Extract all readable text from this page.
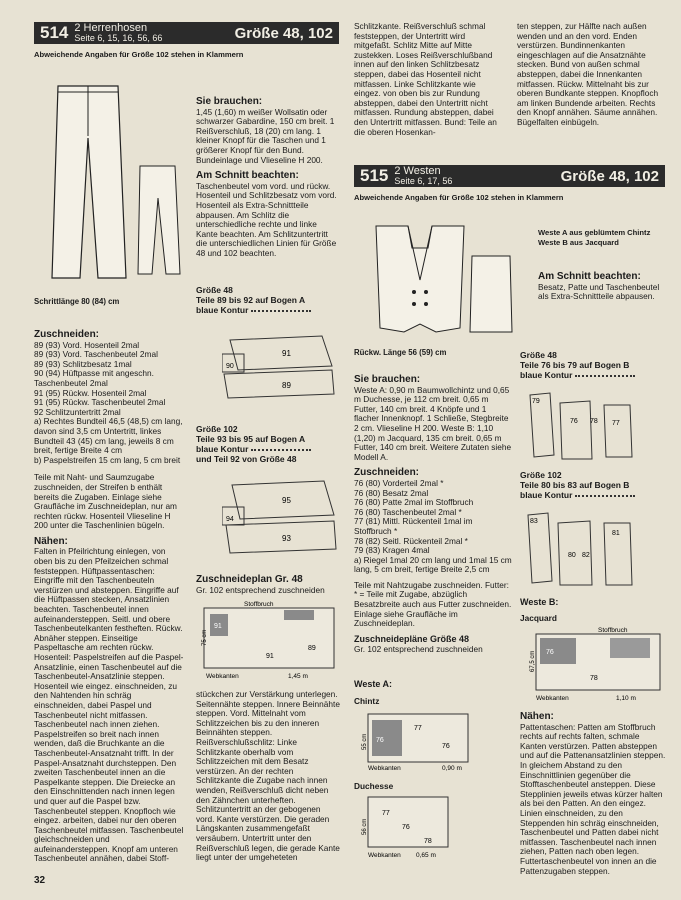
514 2 Herrenhosen
Seite 6, 15, 16, 56, 66	Größe 48, 102
Abweichende Angaben für Größe 102 stehen in Klammern
Schrittlänge 80 (84) cm
Sie brauchen:

1,45 (1,60) m weißer Wollsatin oder schwarzer Gabardine, 150 cm breit. 1 Reißverschluß, 18 (20) cm lang. 1 kleiner Knopf für die Taschen und 1 größerer Knopf für den Bund. Bundeinlage und Vlieseline H 200.

Am Schnitt beachten:

Taschenbeutel vom vord. und rückw. Hosenteil und Schlitzbesatz vom vord. Hosenteil als Extra-Schnittteile abpausen. Am Schlitz die unterschiedliche rechte und linke Kante beachten. Am Schlitzuntertritt die unterschiedlichen Linien für Größe 48 und 102 beachten.

Größe 48
Teile 89 bis 92 auf Bogen A
blaue Kontur
91
89
90
Größe 102
Teile 93 bis 95 auf Bogen A
blaue Kontur
und Teil 92 von Größe 48
95
93
94
Zuschneideplan Gr. 48
Gr. 102 entsprechend zuschneiden
91
91
89
Stoffbruch
Webkanten	1,45 m
75 cm
stückchen zur Verstärkung unterlegen. Seitennähte steppen. Innere Beinnähte steppen. Vord. Mittelnaht vom Schlitzzeichen bis zu den inneren Beinnähten steppen. Reißverschlußschlitz: Linke Schlitzkante oberhalb vom Schlitzzeichen mit dem Besatz verstürzen. An der rechten Schlitzkante die Zugabe nach innen wenden, Reißverschluß dicht neben den Zähnchen unterheften. Schlitzuntertritt an der gebogenen vord. Kante verstürzen. Die geraden Längskanten zusammengefaßt versäubern. Untertritt unter den Reißverschluß legen, die gerade Kante liegt unter der umgeheteten
Zuschneiden:
89 (93) Vord. Hosenteil 2mal
89 (93) Vord. Taschenbeutel 2mal
89 (93) Schlitzbesatz 1mal
90 (94) Hüftpasse mit angeschn. Taschenbeutel 2mal
91 (95) Rückw. Hosenteil 2mal
91 (95) Rückw. Taschenbeutel 2mal
92 Schlitzuntertritt 2mal
a) Rechtes Bundteil 46,5 (48,5) cm lang, davon sind 3,5 cm Untertritt, linkes Bundteil 43 (45) cm lang, jeweils 8 cm breit, fertige Breite 4 cm
b) Paspelstreifen 15 cm lang, 5 cm breit

Teile mit Naht- und Saumzugabe zuschneiden, der Streifen b enthält bereits die Zugaben. Einlage siehe Graufläche im Zuschneideplan, nur am rechten rückw. Hosenteil Vlieseline H 200 unter die Taschenlinien bügeln.

Nähen:

Falten in Pfeilrichtung einlegen, von oben bis zu den Pfeilzeichen schmal feststeppen. Hüftpassentaschen: Eingriffe mit den Taschenbeuteln verstürzen und absteppen. Eingriffe auf die Hüftpassen stecken, Ansatzlinien beachten. Taschenbeutel innen aufeinandersteppen. Seitl. und obere Taschenbeutelkanten festheften. Rückw. Abnäher steppen. Einseitige Paspeltasche am rechten rückw. Hosenteil: Paspelstreifen auf die Paspel-Ansatzlinie, einen Taschenbeutel auf die Taschenbeutel-Ansatzlinie steppen. Hosenteil wie eingez. einschneiden, zu den Nahtenden hin schräg einschneiden, dabei Paspel und Taschenbeutel nicht mitfassen. Taschenbeutel nach innen ziehen. Paspelstreifen so breit nach innen wenden, daß die Bruchkante an die Taschenbeutel-Ansatznaht trifft. In der Paspel-Ansatznaht durchsteppen. Den zweiten Taschenbeutel innen an die Paspelkante steppen. Die Dreiecke an den Einschnittenden nach innen legen und quer auf die Paspel bzw. Taschenbeutel steppen. Knopfloch wie eingez. arbeiten, dabei nur den oberen Taschenbeutel mitfassen. Taschenbeutel gleichschneiden und aufeinandersteppen. Knopf am unteren Taschenbeutel annähen, dabei Stoff-

Schlitzkante. Reißverschluß schmal feststeppen, der Untertritt wird mitgefaßt. Schlitz Mitte auf Mitte zustekken. Loses Reißverschlußband innen auf den linken Schlitzbesatz steppen, dabei das Hosenteil nicht mitfassen. Linke Schlitzkante wie eingez. von oben bis zur Rundung absteppen, dabei den Untertritt nicht mitfassen. Rundung absteppen, dabei den Untertritt mitfassen. Bund: Teile an die oberen Hosenkan-
ten steppen, zur Hälfte nach außen wenden und an den vord. Enden verstürzen. Bundinnenkanten eingeschlagen auf die Ansatznähte stecken. Bund von außen schmal absteppen, dabei die Innenkanten mitfassen. Rückw. Mittelnaht bis zur oberen Bundkante steppen. Knopfloch am linken Bundende arbeiten. Rechts den Knopf annähen. Säume annähen. Bügelfalten einbügeln.
515 2 Westen
Seite 6, 17, 56	Größe 48, 102
Abweichende Angaben für Größe 102 stehen in Klammern
Rückw. Länge 56 (59) cm
Weste A aus geblümtem Chintz Weste B aus Jacquard
Am Schnitt beachten:

Besatz, Patte und Taschenbeutel als Extra-Schnittteile abpausen.

Größe 48
Teile 76 bis 79 auf Bogen B
blaue Kontur
79
76 78 77
Größe 102
Teile 80 bis 83 auf Bogen B
blaue Kontur
83
80 82
81
Sie brauchen:

Weste A: 0,90 m Baumwollchintz und 0,65 m Duchesse, je 112 cm breit. 0,65 m Futter, 140 cm breit. 4 Knöpfe und 1 flacher Innenknopf. 1 Schließe, Stegbreite 2 cm. Vlieseline H 200. Weste B: 1,10 (1,20) m Jacquard, 135 cm breit. 0,65 m Futter, 140 cm breit. Weitere Zutaten siehe Modell A.

Zuschneiden:
76 (80) Vorderteil 2mal *
76 (80) Besatz 2mal
76 (80) Patte 2mal im Stoffbruch
76 (80) Taschenbeutel 2mal *
77 (81) Mittl. Rückenteil 1mal im Stoffbruch *
78 (82) Seitl. Rückenteil 2mal *
79 (83) Kragen 4mal
a) Riegel 1mal 20 cm lang und 1mal 15 cm lang, 5 cm breit, fertige Breite 2,5 cm

Teile mit Nahtzugabe zuschneiden. Futter: * = Teile mit Zugabe, abzüglich Besatzbreite auch aus Futter zuschneiden. Einlage siehe Graufläche im Zuschneideplan.

Zuschneidepläne Größe 48
Gr. 102 entsprechend zuschneiden
Weste A:
Chintz
76
77
76
Webkanten	0,90 m
55 cm
Duchesse
77
76
78
Webkanten 0,65 m
56 cm
Weste B:
Jacquard
76
78
Stoffbruch
Webkanten	1,10 m
67,5 cm
Nähen:

Pattentaschen: Patten am Stoffbruch rechts auf rechts falten, schmale Kanten verstürzen. Patten absteppen und auf die Pattenansatzlinien steppen. In gleichem Abstand zu den Einschnittlinien gegenüber die Stofftaschenbeutel ansteppen. Diese Stepplinien jeweils etwas kürzer halten als bei den Patten. An den eingez. Linien einschneiden, zu den Steppenden hin schräg einschneiden, Taschenbeutel und Patten dabei nicht mitfassen. Taschenbeutel nach innen ziehen, Patten nach oben legen. Futtertaschenbeutel von innen an die Pattenzugaben steppen.

32
